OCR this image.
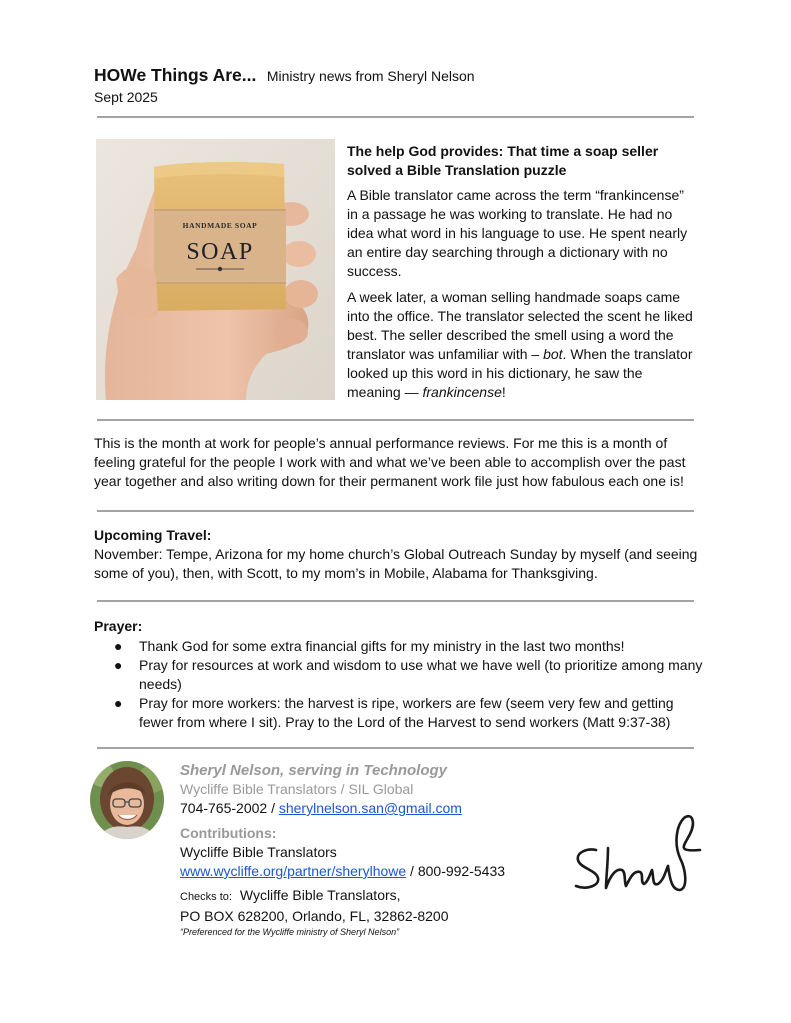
HOWe Things Are... Ministry news from Sheryl Nelson
Sept 2025
HANDMADE SOAP
SOAP
The help God provides: That time a soap seller solved a Bible Translation puzzle

A Bible translator came across the term “frankincense” in a passage he was working to translate. He had no idea what word in his language to use. He spent nearly an entire day searching through a dictionary with no success.

A week later, a woman selling handmade soaps came into the office. The translator selected the scent he liked best. The seller described the smell using a word the translator was unfamiliar with – bot. When the translator looked up this word in his dictionary, he saw the meaning — frankincense!

This is the month at work for people’s annual performance reviews. For me this is a month of feeling grateful for the people I work with and what we’ve been able to accomplish over the past year together and also writing down for their permanent work file just how fabulous each one is!
Upcoming Travel:
November: Tempe, Arizona for my home church’s Global Outreach Sunday by myself (and seeing some of you), then, with Scott, to my mom’s in Mobile, Alabama for Thanksgiving.
Prayer:
● Thank God for some extra financial gifts for my ministry in the last two months!
● Pray for resources at work and wisdom to use what we have well (to prioritize among many needs)
● Pray for more workers: the harvest is ripe, workers are few (seem very few and getting fewer from where I sit). Pray to the Lord of the Harvest to send workers (Matt 9:37-38)
Sheryl Nelson, serving in Technology
Wycliffe Bible Translators / SIL Global
704-765-2002 / sherylnelson.san@gmail.com
Contributions:
Wycliffe Bible Translators
www.wycliffe.org/partner/sherylhowe / 800-992-5433
Checks to: Wycliffe Bible Translators,
PO BOX 628200, Orlando, FL, 32862-8200
“Preferenced for the Wycliffe ministry of Sheryl Nelson”
